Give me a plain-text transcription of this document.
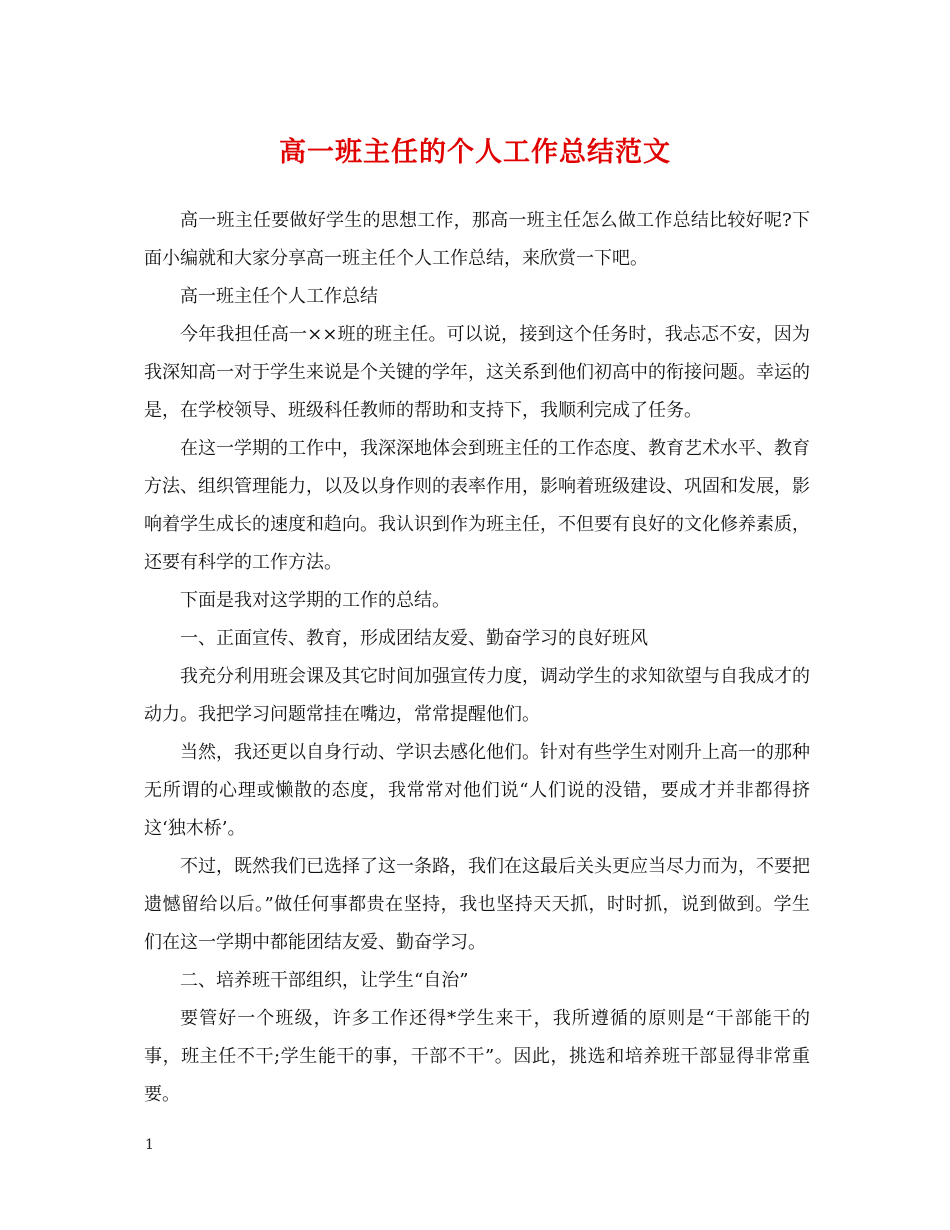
高一班主任的个人工作总结范文

高一班主任要做好学生的思想工作，那高一班主任怎么做工作总结比较好呢?下面小编就和大家分享高一班主任个人工作总结，来欣赏一下吧。

高一班主任个人工作总结

今年我担任高一××班的班主任。可以说，接到这个任务时，我忐忑不安，因为我深知高一对于学生来说是个关键的学年，这关系到他们初高中的衔接问题。幸运的是，在学校领导、班级科任教师的帮助和支持下，我顺利完成了任务。

在这一学期的工作中，我深深地体会到班主任的工作态度、教育艺术水平、教育方法、组织管理能力，以及以身作则的表率作用，影响着班级建设、巩固和发展，影响着学生成长的速度和趋向。我认识到作为班主任，不但要有良好的文化修养素质，还要有科学的工作方法。

下面是我对这学期的工作的总结。

一、正面宣传、教育，形成团结友爱、勤奋学习的良好班风

我充分利用班会课及其它时间加强宣传力度，调动学生的求知欲望与自我成才的动力。我把学习问题常挂在嘴边，常常提醒他们。

当然，我还更以自身行动、学识去感化他们。针对有些学生对刚升上高一的那种无所谓的心理或懒散的态度，我常常对他们说“人们说的没错，要成才并非都得挤这‘独木桥’。

不过，既然我们已选择了这一条路，我们在这最后关头更应当尽力而为，不要把遗憾留给以后。”做任何事都贵在坚持，我也坚持天天抓，时时抓，说到做到。学生们在这一学期中都能团结友爱、勤奋学习。

二、培养班干部组织，让学生“自治”

要管好一个班级，许多工作还得*学生来干，我所遵循的原则是“干部能干的事，班主任不干;学生能干的事，干部不干”。因此，挑选和培养班干部显得非常重要。

1
